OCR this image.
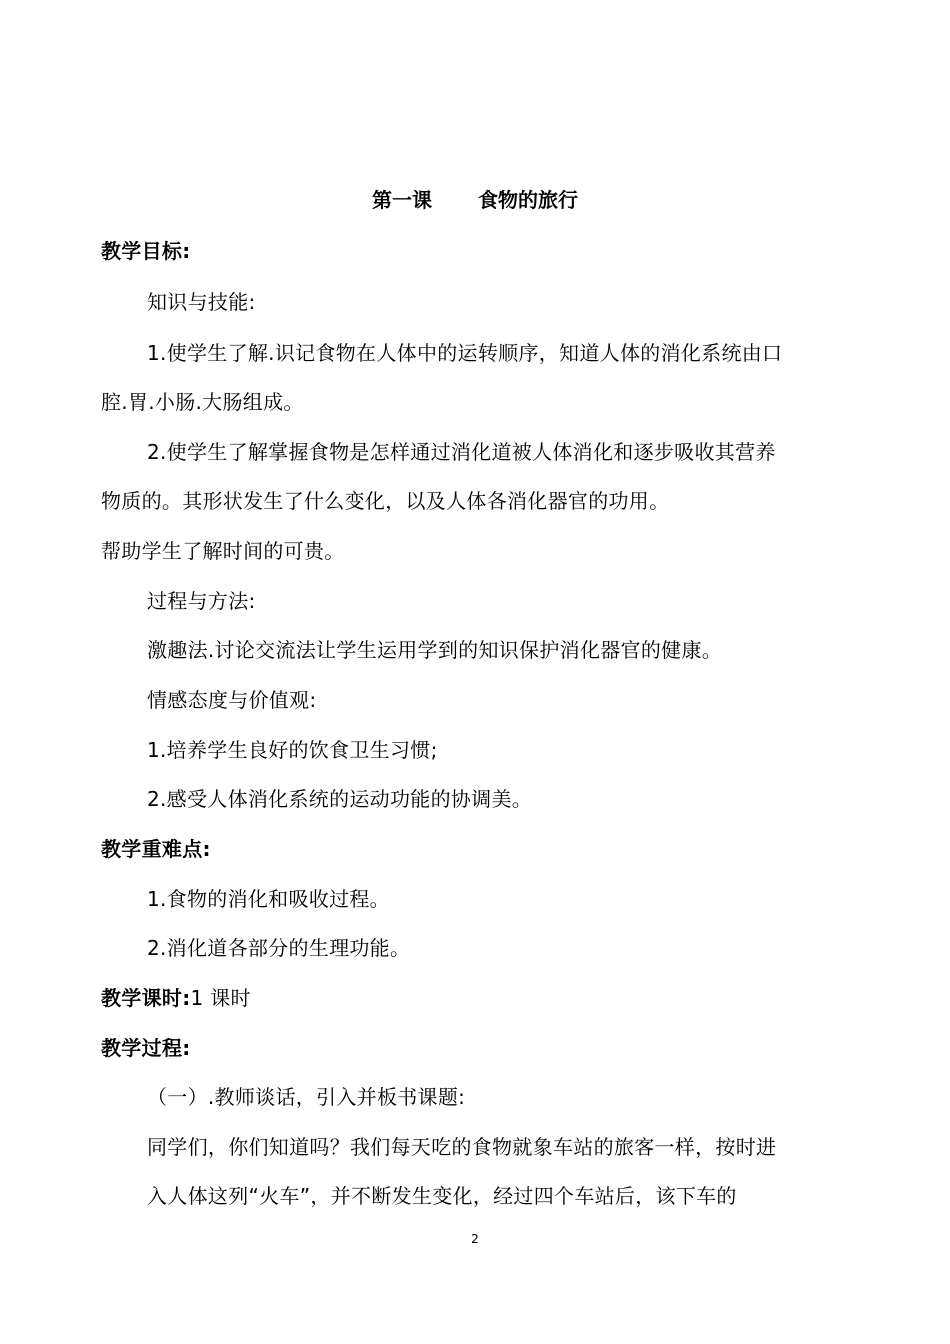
第一课 食物的旅行
教学目标:
知识与技能:
1.使学生了解.识记食物在人体中的运转顺序，知道人体的消化系统由口
腔.胃.小肠.大肠组成。
2.使学生了解掌握食物是怎样通过消化道被人体消化和逐步吸收其营养
物质的。其形状发生了什么变化，以及人体各消化器官的功用。
帮助学生了解时间的可贵。
过程与方法:
激趣法.讨论交流法让学生运用学到的知识保护消化器官的健康。
情感态度与价值观:
1.培养学生良好的饮食卫生习惯;
2.感受人体消化系统的运动功能的协调美。
教学重难点:
1.食物的消化和吸收过程。
2.消化道各部分的生理功能。
教学课时:1 课时
教学过程:
（一）.教师谈话，引入并板书课题:
同学们，你们知道吗？我们每天吃的食物就象车站的旅客一样，按时进
入人体这列“火车”，并不断发生变化，经过四个车站后，该下车的
2
